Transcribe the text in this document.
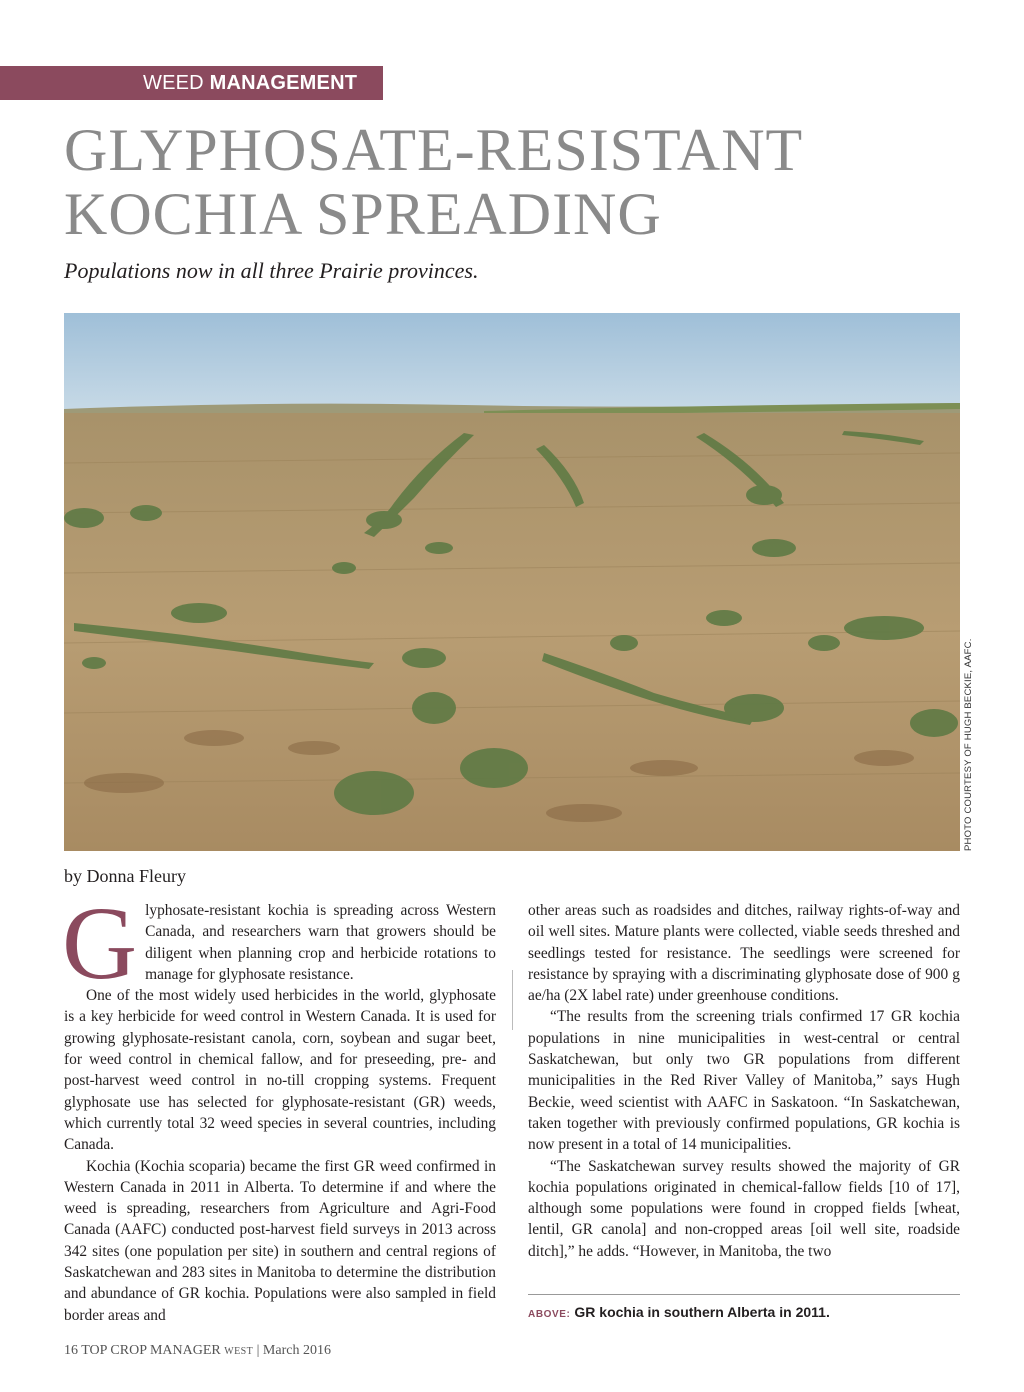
WEED MANAGEMENT
GLYPHOSATE-RESISTANT
KOCHIA SPREADING
Populations now in all three Prairie provinces.
PHOTO COURTESY OF HUGH BECKIE, AAFC.
by Donna Fleury

Glyphosate-resistant kochia is spreading across Western Canada, and researchers warn that growers should be diligent when planning crop and herbicide rotations to manage for glyphosate resistance.

One of the most widely used herbicides in the world, glyphosate is a key herbicide for weed control in Western Canada. It is used for growing glyphosate-resistant canola, corn, soybean and sugar beet, for weed control in chemical fallow, and for preseeding, pre- and post-harvest weed control in no-till cropping systems. Frequent glyphosate use has selected for glyphosate-resistant (GR) weeds, which currently total 32 weed species in several countries, including Canada.

Kochia (Kochia scoparia) became the first GR weed confirmed in Western Canada in 2011 in Alberta. To determine if and where the weed is spreading, researchers from Agriculture and Agri-Food Canada (AAFC) conducted post-harvest field surveys in 2013 across 342 sites (one population per site) in southern and central regions of Saskatchewan and 283 sites in Manitoba to determine the distribution and abundance of GR kochia. Populations were also sampled in field border areas and

other areas such as roadsides and ditches, railway rights-of-way and oil well sites. Mature plants were collected, viable seeds threshed and seedlings tested for resistance. The seedlings were screened for resistance by spraying with a discriminating glyphosate dose of 900 g ae/ha (2X label rate) under greenhouse conditions.

“The results from the screening trials confirmed 17 GR kochia populations in nine municipalities in west-central or central Saskatchewan, but only two GR populations from different municipalities in the Red River Valley of Manitoba,” says Hugh Beckie, weed scientist with AAFC in Saskatoon. “In Saskatchewan, taken together with previously confirmed populations, GR kochia is now present in a total of 14 municipalities.

“The Saskatchewan survey results showed the majority of GR kochia populations originated in chemical-fallow fields [10 of 17], although some populations were found in cropped fields [wheat, lentil, GR canola] and non-cropped areas [oil well site, roadside ditch],” he adds. “However, in Manitoba, the two

ABOVE: GR kochia in southern Alberta in 2011.
16 TOP CROP MANAGER WEST | March 2016
